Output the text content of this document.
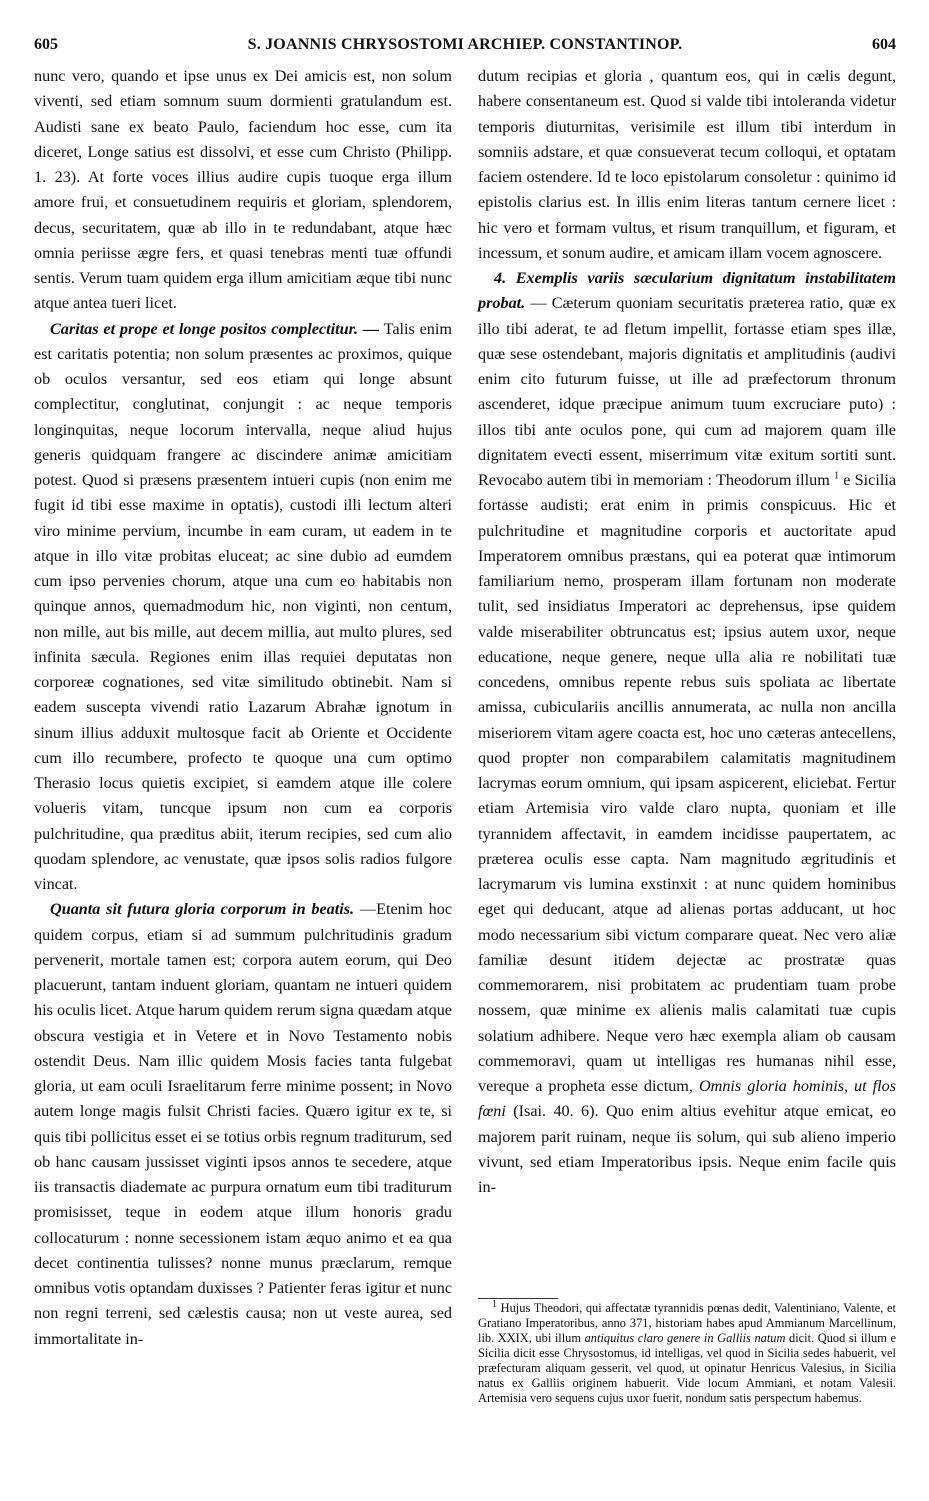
605	S. JOANNIS CHRYSOSTOMI ARCHIEP. CONSTANTINOP.	604

nunc vero, quando et ipse unus ex Dei amicis est, non solum viventi, sed etiam somnum suum dormienti gratulandum est. Audisti sane ex beato Paulo, faciendum hoc esse, cum ita diceret, Longe satius est dissolvi, et esse cum Christo (Philipp. 1. 23). At forte voces illius audire cupis tuoque erga illum amore frui, et consuetudinem requiris et gloriam, splendorem, decus, securitatem, quæ ab illo in te redundabant, atque hæc omnia periisse ægre fers, et quasi tenebras menti tuæ offundi sentis. Verum tuam quidem erga illum amicitiam æque tibi nunc atque antea tueri licet.

Caritas et prope et longe positos complectitur. — Talis enim est caritatis potentia; non solum præsentes ac proximos, quique ob oculos versantur, sed eos etiam qui longe absunt complectitur, conglutinat, conjungit : ac neque temporis longinquitas, neque locorum intervalla, neque aliud hujus generis quidquam frangere ac discindere animæ amicitiam potest. Quod si præsens præsentem intueri cupis (non enim me fugit id tibi esse maxime in optatis), custodi illi lectum alteri viro minime pervium, incumbe in eam curam, ut eadem in te atque in illo vitæ probitas eluceat; ac sine dubio ad eumdem cum ipso pervenies chorum, atque una cum eo habitabis non quinque annos, quemadmodum hic, non viginti, non centum, non mille, aut bis mille, aut decem millia, aut multo plures, sed infinita sæcula. Regiones enim illas requiei deputatas non corporeæ cognationes, sed vitæ similitudo obtinebit. Nam si eadem suscepta vivendi ratio Lazarum Abrahæ ignotum in sinum illius adduxit multosque facit ab Oriente et Occidente cum illo recumbere, profecto te quoque una cum optimo Therasio locus quietis excipiet, si eamdem atque ille colere volueris vitam, tuncque ipsum non cum ea corporis pulchritudine, qua præditus abiit, iterum recipies, sed cum alio quodam splendore, ac venustate, quæ ipsos solis radios fulgore vincat.

Quanta sit futura gloria corporum in beatis. —Etenim hoc quidem corpus, etiam si ad summum pulchritudinis gradum pervenerit, mortale tamen est; corpora autem eorum, qui Deo placuerunt, tantam induent gloriam, quantam ne intueri quidem his oculis licet. Atque harum quidem rerum signa quædam atque obscura vestigia et in Vetere et in Novo Testamento nobis ostendit Deus. Nam illic quidem Mosis facies tanta fulgebat gloria, ut eam oculi Israelitarum ferre minime possent; in Novo autem longe magis fulsit Christi facies. Quæro igitur ex te, si quis tibi pollicitus esset ei se totius orbis regnum traditurum, sed ob hanc causam jussisset viginti ipsos annos te secedere, atque iis transactis diademate ac purpura ornatum eum tibi traditurum promisisset, teque in eodem atque illum honoris gradu collocaturum : nonne secessionem istam æquo animo et ea qua decet continentia tulisses? nonne munus præclarum, remque omnibus votis optandam duxisses ? Patienter feras igitur et nunc non regni terreni, sed cælestis causa; non ut veste aurea, sed immortalitate in-

dutum recipias et gloria , quantum eos, qui in cælis degunt, habere consentaneum est. Quod si valde tibi intoleranda videtur temporis diuturnitas, verisimile est illum tibi interdum in somniis adstare, et quæ consueverat tecum colloqui, et optatam faciem ostendere. Id te loco epistolarum consoletur : quinimo id epistolis clarius est. In illis enim literas tantum cernere licet : hic vero et formam vultus, et risum tranquillum, et figuram, et incessum, et sonum audire, et amicam illam vocem agnoscere.

4. Exemplis variis sæcularium dignitatum instabilitatem probat. — Cæterum quoniam securitatis præterea ratio, quæ ex illo tibi aderat, te ad fletum impellit, fortasse etiam spes illæ, quæ sese ostendebant, majoris dignitatis et amplitudinis (audivi enim cito futurum fuisse, ut ille ad præfectorum thronum ascenderet, idque præcipue animum tuum excruciare puto) : illos tibi ante oculos pone, qui cum ad majorem quam ille dignitatem evecti essent, miserrimum vitæ exitum sortiti sunt. Revocabo autem tibi in memoriam : Theodorum illum $^1$ e Sicilia fortasse audisti; erat enim in primis conspicuus. Hic et pulchritudine et magnitudine corporis et auctoritate apud Imperatorem omnibus præstans, qui ea poterat quæ intimorum familiarium nemo, prosperam illam fortunam non moderate tulit, sed insidiatus Imperatori ac deprehensus, ipse quidem valde miserabiliter obtruncatus est; ipsius autem uxor, neque educatione, neque genere, neque ulla alia re nobilitati tuæ concedens, omnibus repente rebus suis spoliata ac libertate amissa, cubiculariis ancillis annumerata, ac nulla non ancilla miseriorem vitam agere coacta est, hoc uno cæteras antecellens, quod propter non comparabilem calamitatis magnitudinem lacrymas eorum omnium, qui ipsam aspicerent, eliciebat. Fertur etiam Artemisia viro valde claro nupta, quoniam et ille tyrannidem affectavit, in eamdem incidisse paupertatem, ac præterea oculis esse capta. Nam magnitudo ægritudinis et lacrymarum vis lumina exstinxit : at nunc quidem hominibus eget qui deducant, atque ad alienas portas adducant, ut hoc modo necessarium sibi victum comparare queat. Nec vero aliæ familiæ desunt itidem dejectæ ac prostratæ quas commemorarem, nisi probitatem ac prudentiam tuam probe nossem, quæ minime ex alienis malis calamitati tuæ cupis solatium adhibere. Neque vero hæc exempla aliam ob causam commemoravi, quam ut intelligas res humanas nihil esse, vereque a propheta esse dictum, Omnis gloria hominis, ut flos fœni (Isai. 40. 6). Quo enim altius evehitur atque emicat, eo majorem parit ruinam, neque iis solum, qui sub alieno imperio vivunt, sed etiam Imperatoribus ipsis. Neque enim facile quis in-

$^1$ Hujus Theodori, qui affectatæ tyrannidis pœnas dedit, Valentiniano, Valente, et Gratiano Imperatoribus, anno 371, historiam habes apud Ammianum Marcellinum, lib. XXIX, ubi illum antiquitus claro genere in Galliis natum dicit. Quod si illum e Sicilia dicit esse Chrysostomus, id intelligas, vel quod in Sicilia sedes habuerit, vel præfecturam aliquam gesserit, vel quod, ut opinatur Henricus Valesius, in Sicilia natus ex Galliis originem habuerit. Vide locum Ammiani, et notam Valesii. Artemisia vero sequens cujus uxor fuerit, nondum satis perspectum habemus.
